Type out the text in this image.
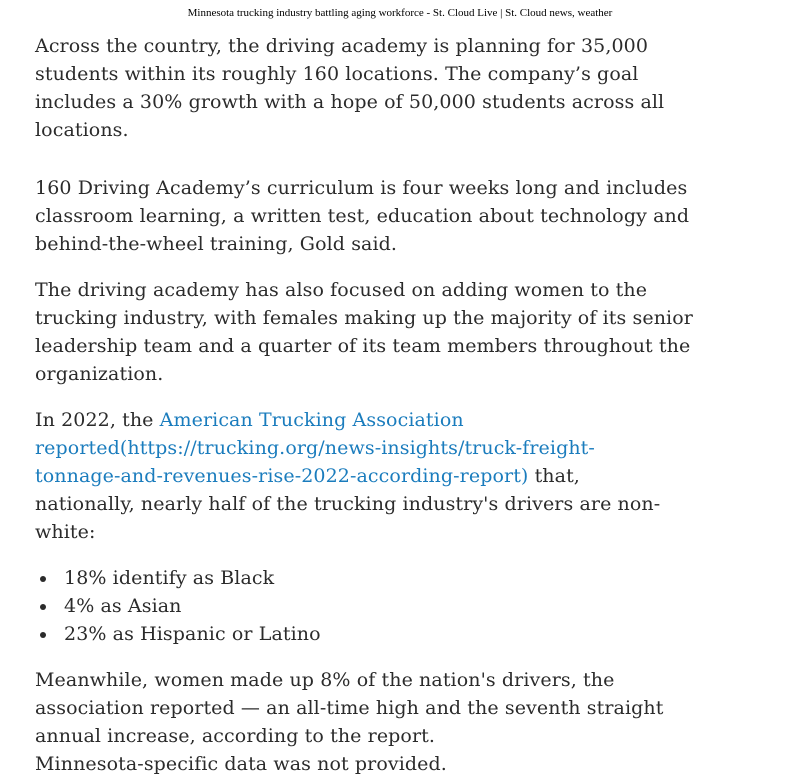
Minnesota trucking industry battling aging workforce - St. Cloud Live | St. Cloud news, weather

Across the country, the driving academy is planning for 35,000
students within its roughly 160 locations. The company’s goal
includes a 30% growth with a hope of 50,000 students across all
locations.

160 Driving Academy’s curriculum is four weeks long and includes
classroom learning, a written test, education about technology and
behind-the-wheel training, Gold said.

The driving academy has also focused on adding women to the
trucking industry, with females making up the majority of its senior
leadership team and a quarter of its team members throughout the
organization.

In 2022, the American Trucking Association
reported(https://trucking.org/news-insights/truck-freight-
tonnage-and-revenues-rise-2022-according-report) that,
nationally, nearly half of the trucking industry's drivers are non-
white:

• 18% identify as Black
• 4% as Asian
• 23% as Hispanic or Latino

Meanwhile, women made up 8% of the nation's drivers, the
association reported — an all-time high and the seventh straight
annual increase, according to the report.
Minnesota-specific data was not provided.
